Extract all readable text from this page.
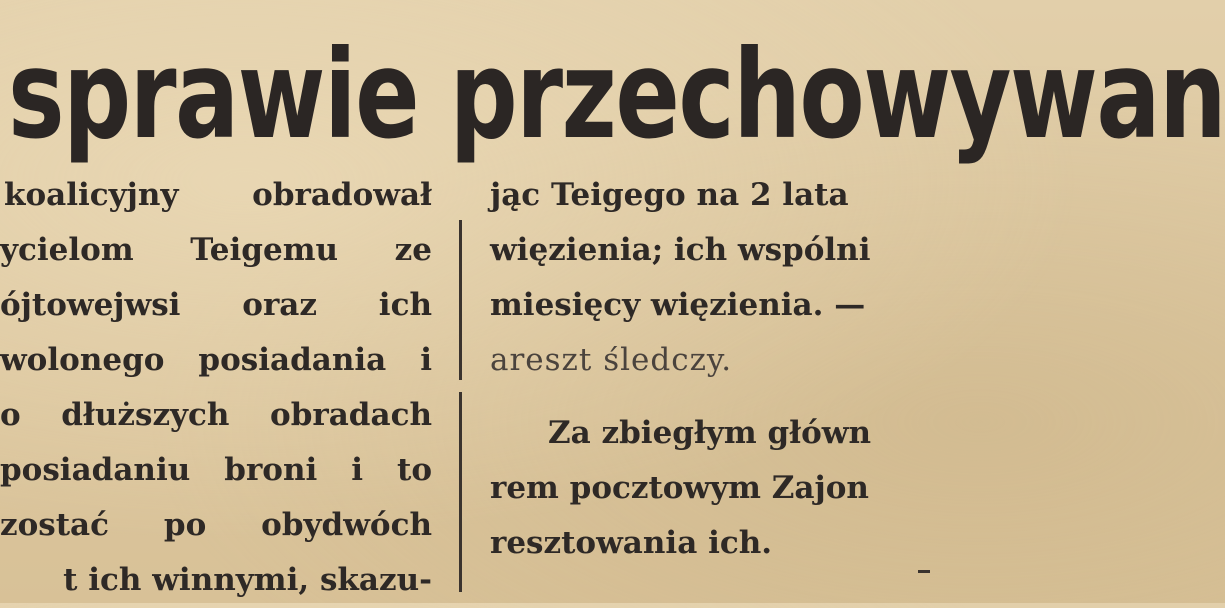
sprawie przechowywan
koalicyjny obradował
ycielom Teigemu ze
ójtowejwsi oraz ich
wolonego posiadania i
o dłuższych obradach
posiadaniu broni i to
zostać po obydwóch
t ich winnymi, skazu-
jąc Teigego na 2 lata
więzienia; ich wspólni
miesięcy więzienia. —
areszt śledczy.
Za zbiegłym główn
rem pocztowym Zajon
resztowania ich.
